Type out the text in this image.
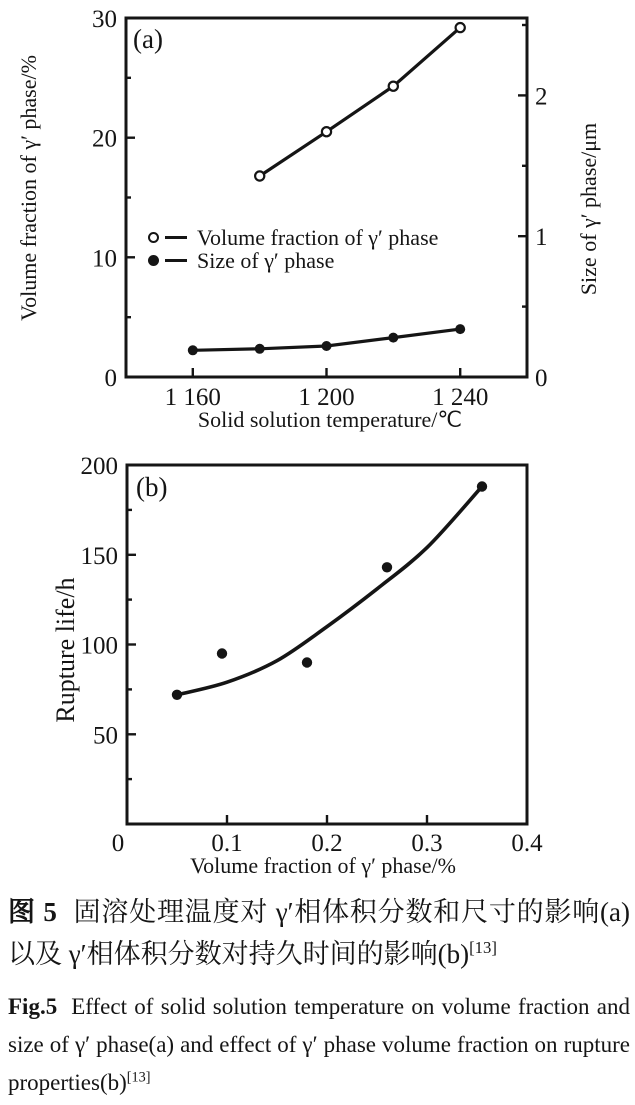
1 160	1 200	1 240
0
10
20
30
0
1
2
0	0.1	0.2	0.3	0.4
50
100
150
200
(a)
Volume fraction of γ′ phase/%	Size of γ′ phase/μm
Solid solution temperature/℃
Volume fraction of γ′ phase
Size of γ′ phase
(b)
Rupture life/h
Volume fraction of γ′ phase/%

图 5 固溶处理温度对 γ′相体积分数和尺寸的影响(a)以及 γ′相体积分数对持久时间的影响(b)[13]

Fig.5 Effect of solid solution temperature on volume fraction and size of γ′ phase(a) and effect of γ′ phase volume fraction on rupture properties(b)[13]
